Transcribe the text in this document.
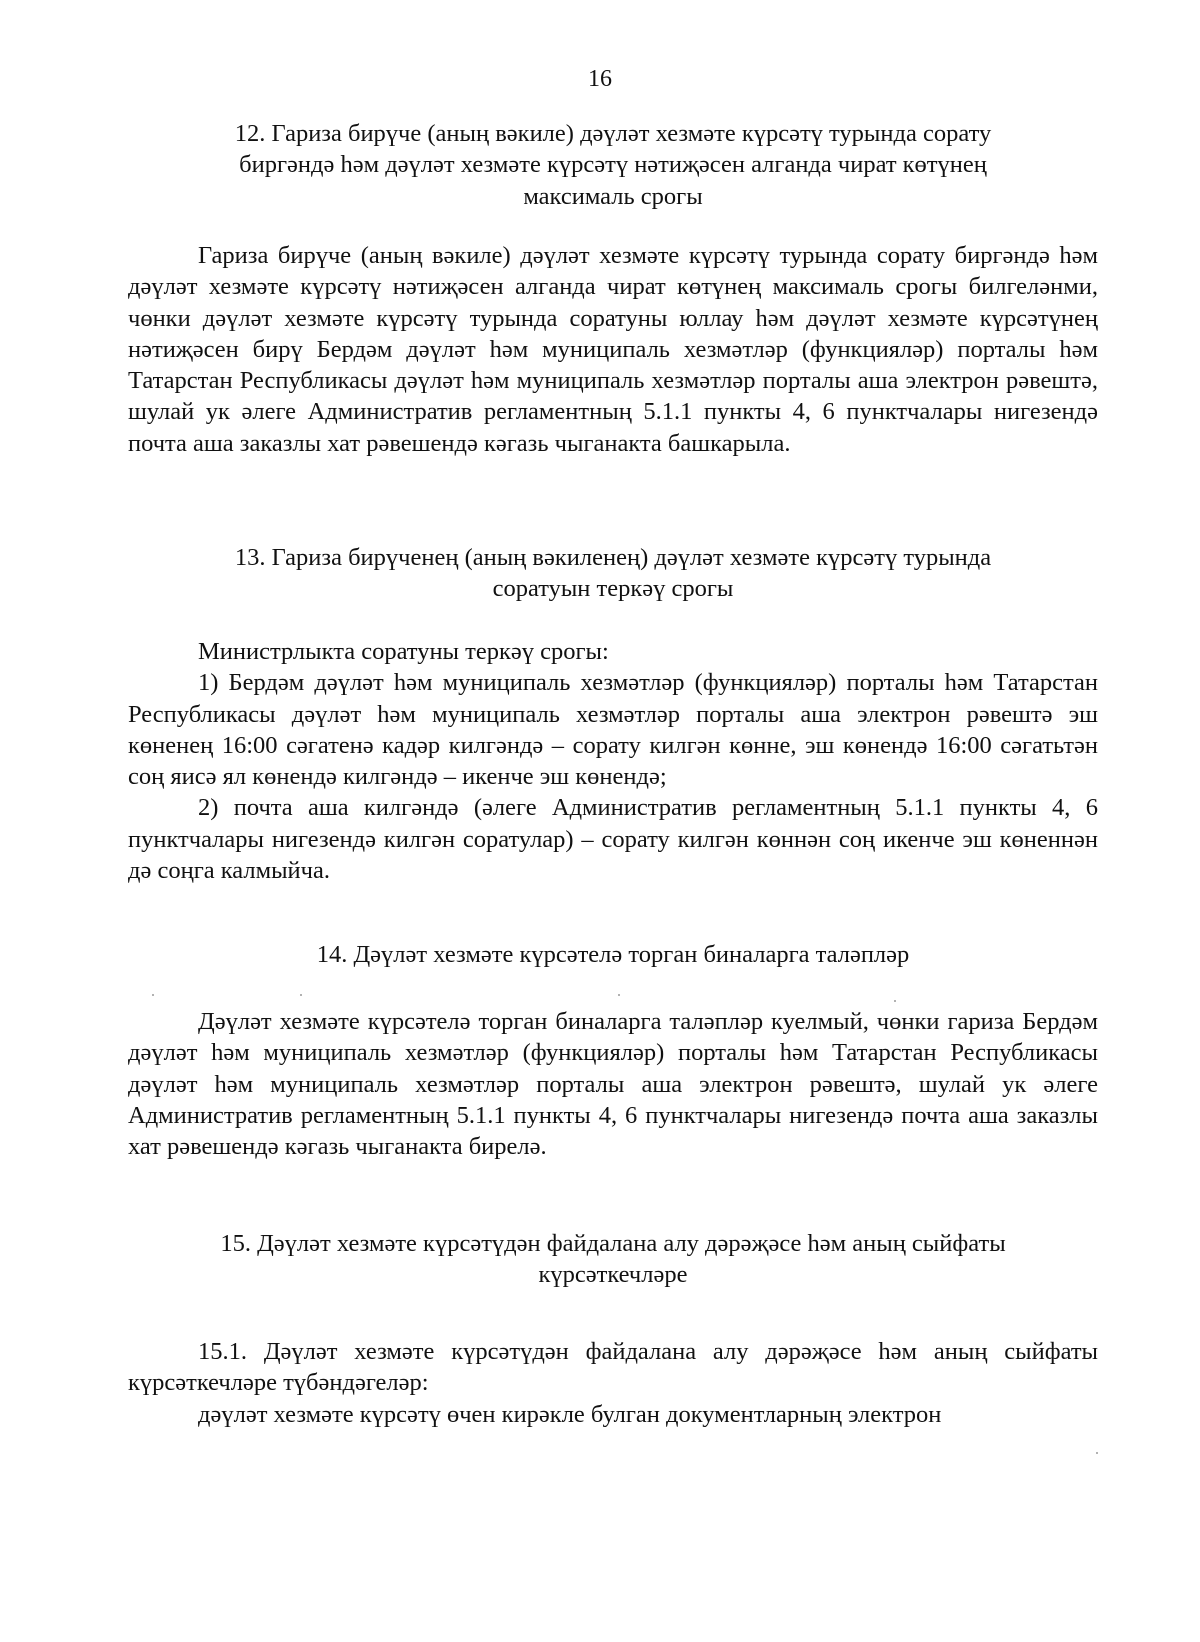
16
12. Гариза бирүче (аның вәкиле) дәүләт хезмәте күрсәтү турында сорату
биргәндә һәм дәүләт хезмәте күрсәтү нәтиҗәсен алганда чират көтүнең
максималь срогы

Гариза бирүче (аның вәкиле) дәүләт хезмәте күрсәтү турында сорату биргәндә һәм дәүләт хезмәте күрсәтү нәтиҗәсен алганда чират көтүнең максималь срогы билгеләнми, чөнки дәүләт хезмәте күрсәтү турында соратуны юллау һәм дәүләт хезмәте күрсәтүнең нәтиҗәсен бирү Бердәм дәүләт һәм муниципаль хезмәтләр (функцияләр) порталы һәм Татарстан Республикасы дәүләт һәм муниципаль хезмәтләр порталы аша электрон рәвештә, шулай ук әлеге Административ регламентның 5.1.1 пункты 4, 6 пунктчалары нигезендә почта аша заказлы хат рәвешендә кәгазь чыганакта башкарыла.

13. Гариза бирүченең (аның вәкиленең) дәүләт хезмәте күрсәтү турында
соратуын теркәү срогы

Министрлыкта соратуны теркәү срогы:

1) Бердәм дәүләт һәм муниципаль хезмәтләр (функцияләр) порталы һәм Татарстан Республикасы дәүләт һәм муниципаль хезмәтләр порталы аша электрон рәвештә эш көненең 16:00 сәгатенә кадәр килгәндә – сорату килгән көнне, эш көнендә 16:00 сәгатьтән соң яисә ял көнендә килгәндә – икенче эш көнендә;

2) почта аша килгәндә (әлеге Административ регламентның 5.1.1 пункты 4, 6 пунктчалары нигезендә килгән соратулар) – сорату килгән көннән соң икенче эш көненнән дә соңга калмыйча.

14. Дәүләт хезмәте күрсәтелә торган биналарга таләпләр

Дәүләт хезмәте күрсәтелә торган биналарга таләпләр куелмый, чөнки гариза Бердәм дәүләт һәм муниципаль хезмәтләр (функцияләр) порталы һәм Татарстан Республикасы дәүләт һәм муниципаль хезмәтләр порталы аша электрон рәвештә, шулай ук әлеге Административ регламентның 5.1.1 пункты 4, 6 пунктчалары нигезендә почта аша заказлы хат рәвешендә кәгазь чыганакта бирелә.

15. Дәүләт хезмәте күрсәтүдән файдалана алу дәрәҗәсе һәм аның сыйфаты
күрсәткечләре

15.1. Дәүләт хезмәте күрсәтүдән файдалана алу дәрәҗәсе һәм аның сыйфаты күрсәткечләре түбәндәгеләр:

дәүләт хезмәте күрсәтү өчен кирәкле булган документларның электрон
